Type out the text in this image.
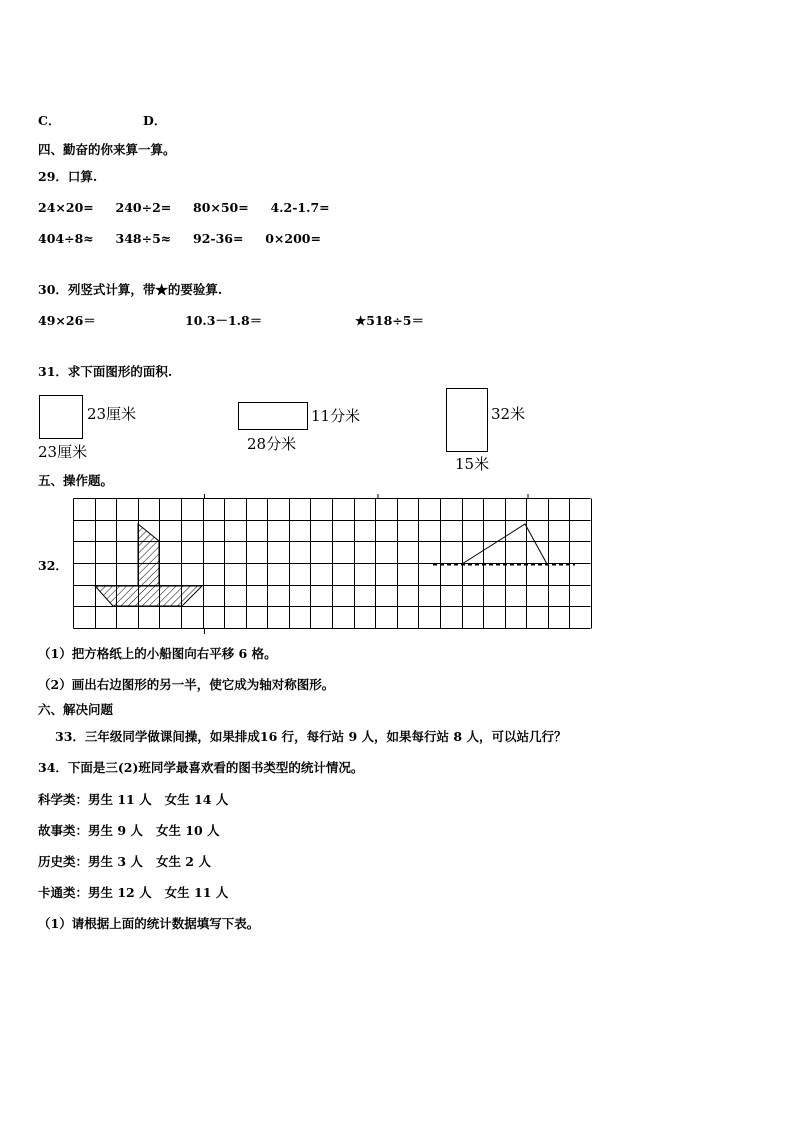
C．	D．
四、勤奋的你来算一算。
29．口算.
24×20=     240÷2=     80×50=     4.2-1.7=
404÷8≈     348÷5≈     92-36=     0×200=
30．列竖式计算，带★的要验算.
49×26＝	10.3－1.8＝	★518÷5＝
31．求下面图形的面积.
23厘米
23厘米
11分米
28分米
32米
15米
五、操作题。
32．
（1）把方格纸上的小船图向右平移 6 格。
（2）画出右边图形的另一半，使它成为轴对称图形。
六、解决问题
33．三年级同学做课间操，如果排成16 行，每行站 9 人，如果每行站 8 人，可以站几行？
34．下面是三(2)班同学最喜欢看的图书类型的统计情况。
科学类：男生 11 人   女生 14 人
故事类：男生 9 人   女生 10 人
历史类：男生 3 人   女生 2 人
卡通类：男生 12 人   女生 11 人
（1）请根据上面的统计数据填写下表。
